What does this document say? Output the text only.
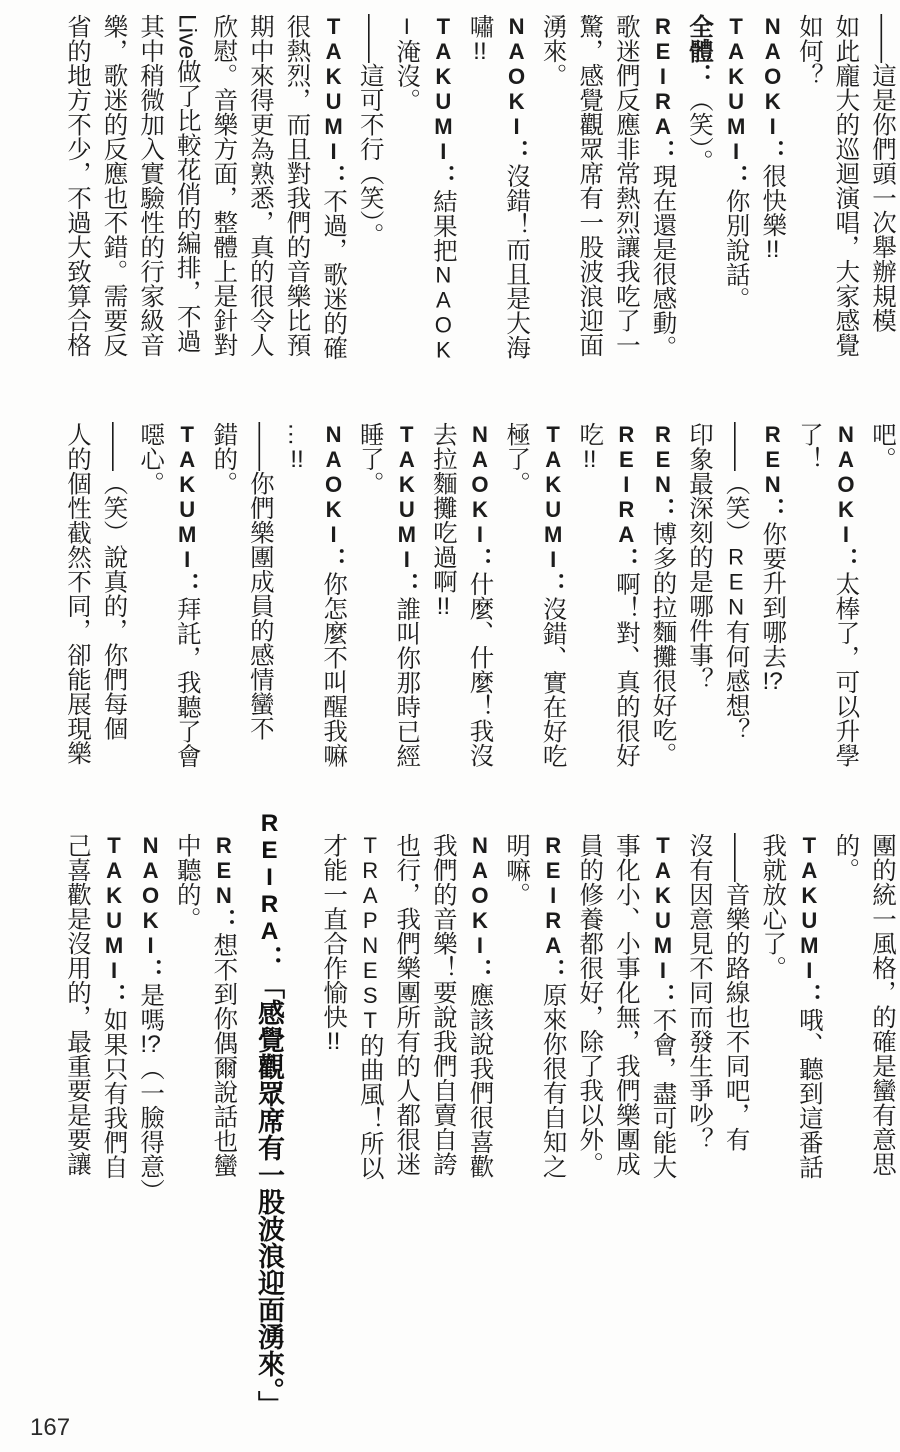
——這是你們頭一次舉辦規模
如此龐大的巡迴演唱，大家感覺
如何？
NAOKI：很快樂!!
TAKUMI：你別說話。
全體：（笑）。
REIRA：現在還是很感動。
歌迷們反應非常熱烈讓我吃了一
驚，感覺觀眾席有一股波浪迎面
湧來。
NAOKI：沒錯！而且是大海
嘯!!
TAKUMI：結果把NAOK
I淹沒。
——這可不行（笑）。
TAKUMI：不過，歌迷的確
很熱烈，而且對我們的音樂比預
期中來得更為熟悉，真的很令人
欣慰。音樂方面，整體上是針對
Live做了比較花俏的編排，不過
其中稍微加入實驗性的行家級音
樂，歌迷的反應也不錯。需要反
省的地方不少，不過大致算合格
吧。
NAOKI：太棒了，可以升學
了！
REN：你要升到哪去!?
——（笑）REN有何感想？
印象最深刻的是哪件事？
REN：博多的拉麵攤很好吃。
REIRA：啊！對、真的很好
吃!!
TAKUMI：沒錯、實在好吃
極了。
NAOKI：什麼、什麼！我沒
去拉麵攤吃過啊!!
TAKUMI：誰叫你那時已經
睡了。
NAOKI：你怎麼不叫醒我嘛
…!!
——你們樂團成員的感情蠻不
錯的。
TAKUMI：拜託，我聽了會
噁心。
——（笑）說真的，你們每個
人的個性截然不同，卻能展現樂
團的統一風格，的確是蠻有意思
的。
TAKUMI：哦、聽到這番話
我就放心了。
——音樂的路線也不同吧，有
沒有因意見不同而發生爭吵？
TAKUMI：不會，盡可能大
事化小、小事化無，我們樂團成
員的修養都很好，除了我以外。
REIRA：原來你很有自知之
明嘛。
NAOKI：應該說我們很喜歡
我們的音樂！要說我們自賣自誇
也行，我們樂團所有的人都很迷
TRAPNEST的曲風！所以
才能一直合作愉快!!
REN：想不到你偶爾說話也蠻
中聽的。
NAOKI：是嗎!?（一臉得意）
TAKUMI：如果只有我們自
己喜歡是沒用的，最重要是要讓	REIRA：「感覺觀眾席有一股波浪迎面湧來。」
167
